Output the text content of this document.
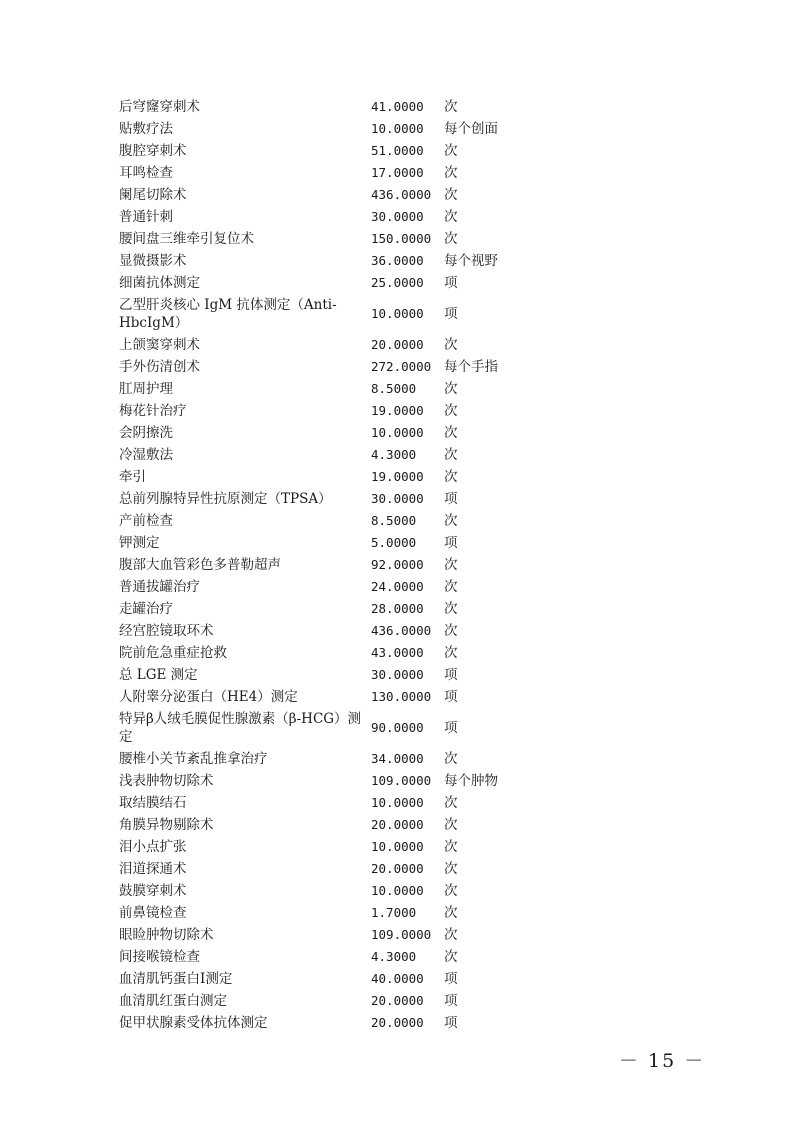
后穹窿穿刺术	41.0000	次
贴敷疗法	10.0000	每个创面
腹腔穿刺术	51.0000	次
耳鸣检查	17.0000	次
阑尾切除术	436.0000	次
普通针刺	30.0000	次
腰间盘三维牵引复位术	150.0000	次
显微摄影术	36.0000	每个视野
细菌抗体测定	25.0000	项
乙型肝炎核心 IgM 抗体测定（Anti-HbcIgM）	10.0000	项
上颌窦穿刺术	20.0000	次
手外伤清创术	272.0000	每个手指
肛周护理	8.5000	次
梅花针治疗	19.0000	次
会阴擦洗	10.0000	次
冷湿敷法	4.3000	次
牵引	19.0000	次
总前列腺特异性抗原测定（TPSA）	30.0000	项
产前检查	8.5000	次
钾测定	5.0000	项
腹部大血管彩色多普勒超声	92.0000	次
普通拔罐治疗	24.0000	次
走罐治疗	28.0000	次
经宫腔镜取环术	436.0000	次
院前危急重症抢救	43.0000	次
总 LGE 测定	30.0000	项
人附睾分泌蛋白（HE4）测定	130.0000	项
特异β人绒毛膜促性腺激素（β-HCG）测定	90.0000	项
腰椎小关节紊乱推拿治疗	34.0000	次
浅表肿物切除术	109.0000	每个肿物
取结膜结石	10.0000	次
角膜异物剔除术	20.0000	次
泪小点扩张	10.0000	次
泪道探通术	20.0000	次
鼓膜穿刺术	10.0000	次
前鼻镜检查	1.7000	次
眼睑肿物切除术	109.0000	次
间接喉镜检查	4.3000	次
血清肌钙蛋白Ⅰ测定	40.0000	项
血清肌红蛋白测定	20.0000	项
促甲状腺素受体抗体测定	20.0000	项
－ 15 －
